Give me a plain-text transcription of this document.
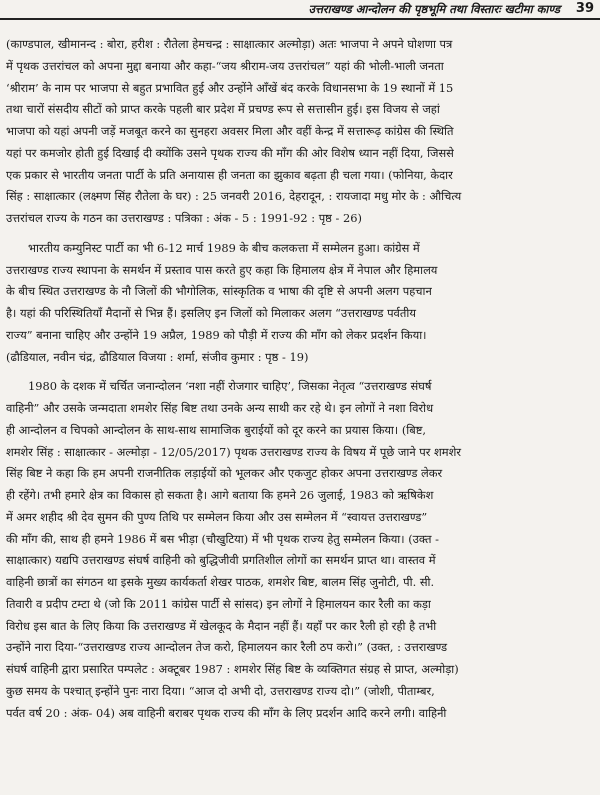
उत्तराखण्ड आन्दोलन की पृष्ठभूमि तथा विस्तारः खटीमा काण्ड 39
(काण्डपाल, खीमानन्द : बोरा, हरीश : रौतेला हेमचन्द्र : साक्षात्कार अल्मोड़ा) अतः भाजपा ने अपने घोशणा पत्र
में पृथक उत्तरांचल को अपना मुद्दा बनाया और कहा-“जय श्रीराम-जय उत्तरांचल” यहां की भोली-भाली जनता
‘श्रीराम’ के नाम पर भाजपा से बहुत प्रभावित हुई और उन्होंने आँखें बंद करके विधानसभा के 19 स्थानों में 15
तथा चारों संसदीय सीटों को प्राप्त करके पहली बार प्रदेश में प्रचण्ड रूप से सत्तासीन हुई। इस विजय से जहां
भाजपा को यहां अपनी जड़ें मजबूत करने का सुनहरा अवसर मिला और वहीं केन्द्र में सत्तारूढ़ कांग्रेस की स्थिति
यहां पर कमजोर होती हुई दिखाई दी क्योंकि उसने पृथक राज्य की माँग की ओर विशेष ध्यान नहीं दिया, जिससे
एक प्रकार से भारतीय जनता पार्टी के प्रति अनायास ही जनता का झुकाव बढ़ता ही चला गया। (फोनिया, केदार
सिंह : साक्षात्कार (लक्ष्मण सिंह रौतेला के घर) : 25 जनवरी 2016, देहरादून, : रायजादा मधु मोर के : औचित्य
उत्तरांचल राज्य के गठन का उत्तराखण्ड : पत्रिका : अंक - 5 : 1991-92 : पृष्ठ - 26)
भारतीय कम्युनिस्ट पार्टी का भी 6-12 मार्च 1989 के बीच कलकत्ता में सम्मेलन हुआ। कांग्रेस में
उत्तराखण्ड राज्य स्थापना के समर्थन में प्रस्ताव पास करते हुए कहा कि हिमालय क्षेत्र में नेपाल और हिमालय
के बीच स्थित उत्तराखण्ड के नौ जिलों की भौगोलिक, सांस्कृतिक व भाषा की दृष्टि से अपनी अलग पहचान
है। यहां की परिस्थितियाँ मैदानों से भिन्न हैं। इसलिए इन जिलों को मिलाकर अलग “उत्तराखण्ड पर्वतीय
राज्य” बनाना चाहिए और उन्होंने 19 अप्रैल, 1989 को पौड़ी में राज्य की माँग को लेकर प्रदर्शन किया।
(ढौडियाल, नवीन चंद्र, ढौडियाल विजया : शर्मा, संजीव कुमार : पृष्ठ - 19)
1980 के दशक में चर्चित जनान्दोलन ‘नशा नहीं रोजगार चाहिए’, जिसका नेतृत्व “उत्तराखण्ड संघर्ष
वाहिनी” और उसके जन्मदाता शमशेर सिंह बिष्ट तथा उनके अन्य साथी कर रहे थे। इन लोगों ने नशा विरोध
ही आन्दोलन व चिपको आन्दोलन के साथ-साथ सामाजिक बुराईयों को दूर करने का प्रयास किया। (बिष्ट,
शमशेर सिंह : साक्षात्कार - अल्मोड़ा - 12/05/2017) पृथक उत्तराखण्ड राज्य के विषय में पूछे जाने पर शमशेर
सिंह बिष्ट ने कहा कि हम अपनी राजनीतिक लड़ाईयों को भूलकर और एकजुट होकर अपना उत्तराखण्ड लेकर
ही रहेंगे। तभी हमारे क्षेत्र का विकास हो सकता है। आगे बताया कि हमने 26 जुलाई, 1983 को ऋषिकेश
में अमर शहीद श्री देव सुमन की पुण्य तिथि पर सम्मेलन किया और उस सम्मेलन में “स्वायत्त उत्तराखण्ड”
की माँग की, साथ ही हमने 1986 में बस भीड़ा (चौखुटिया) में भी पृथक राज्य हेतु सम्मेलन किया। (उक्त -
साक्षात्कार) यद्यपि उत्तराखण्ड संघर्ष वाहिनी को बुद्धिजीवी प्रगतिशील लोगों का समर्थन प्राप्त था। वास्तव में
वाहिनी छात्रों का संगठन था इसके मुख्य कार्यकर्ता शेखर पाठक, शमशेर बिष्ट, बालम सिंह जुनोटी, पी. सी.
तिवारी व प्रदीप टम्टा थे (जो कि 2011 कांग्रेस पार्टी से सांसद) इन लोगों ने हिमालयन कार रैली का कड़ा
विरोध इस बात के लिए किया कि उत्तराखण्ड में खेलकूद के मैदान नहीं हैं। यहाँ पर कार रैली हो रही है तभी
उन्होंने नारा दिया-“उत्तराखण्ड राज्य आन्दोलन तेज करो, हिमालयन कार रैली ठप करो।” (उक्त, : उत्तराखण्ड
संघर्ष वाहिनी द्वारा प्रसारित पम्पलेट : अक्टूबर 1987 : शमशेर सिंह बिष्ट के व्यक्तिगत संग्रह से प्राप्त, अल्मोड़ा)
कुछ समय के पश्चात् इन्होंने पुनः नारा दिया। “आज दो अभी दो, उत्तराखण्ड राज्य दो।” (जोशी, पीताम्बर,
पर्वत वर्ष 20 : अंक- 04) अब वाहिनी बराबर पृथक राज्य की माँग के लिए प्रदर्शन आदि करने लगी। वाहिनी
